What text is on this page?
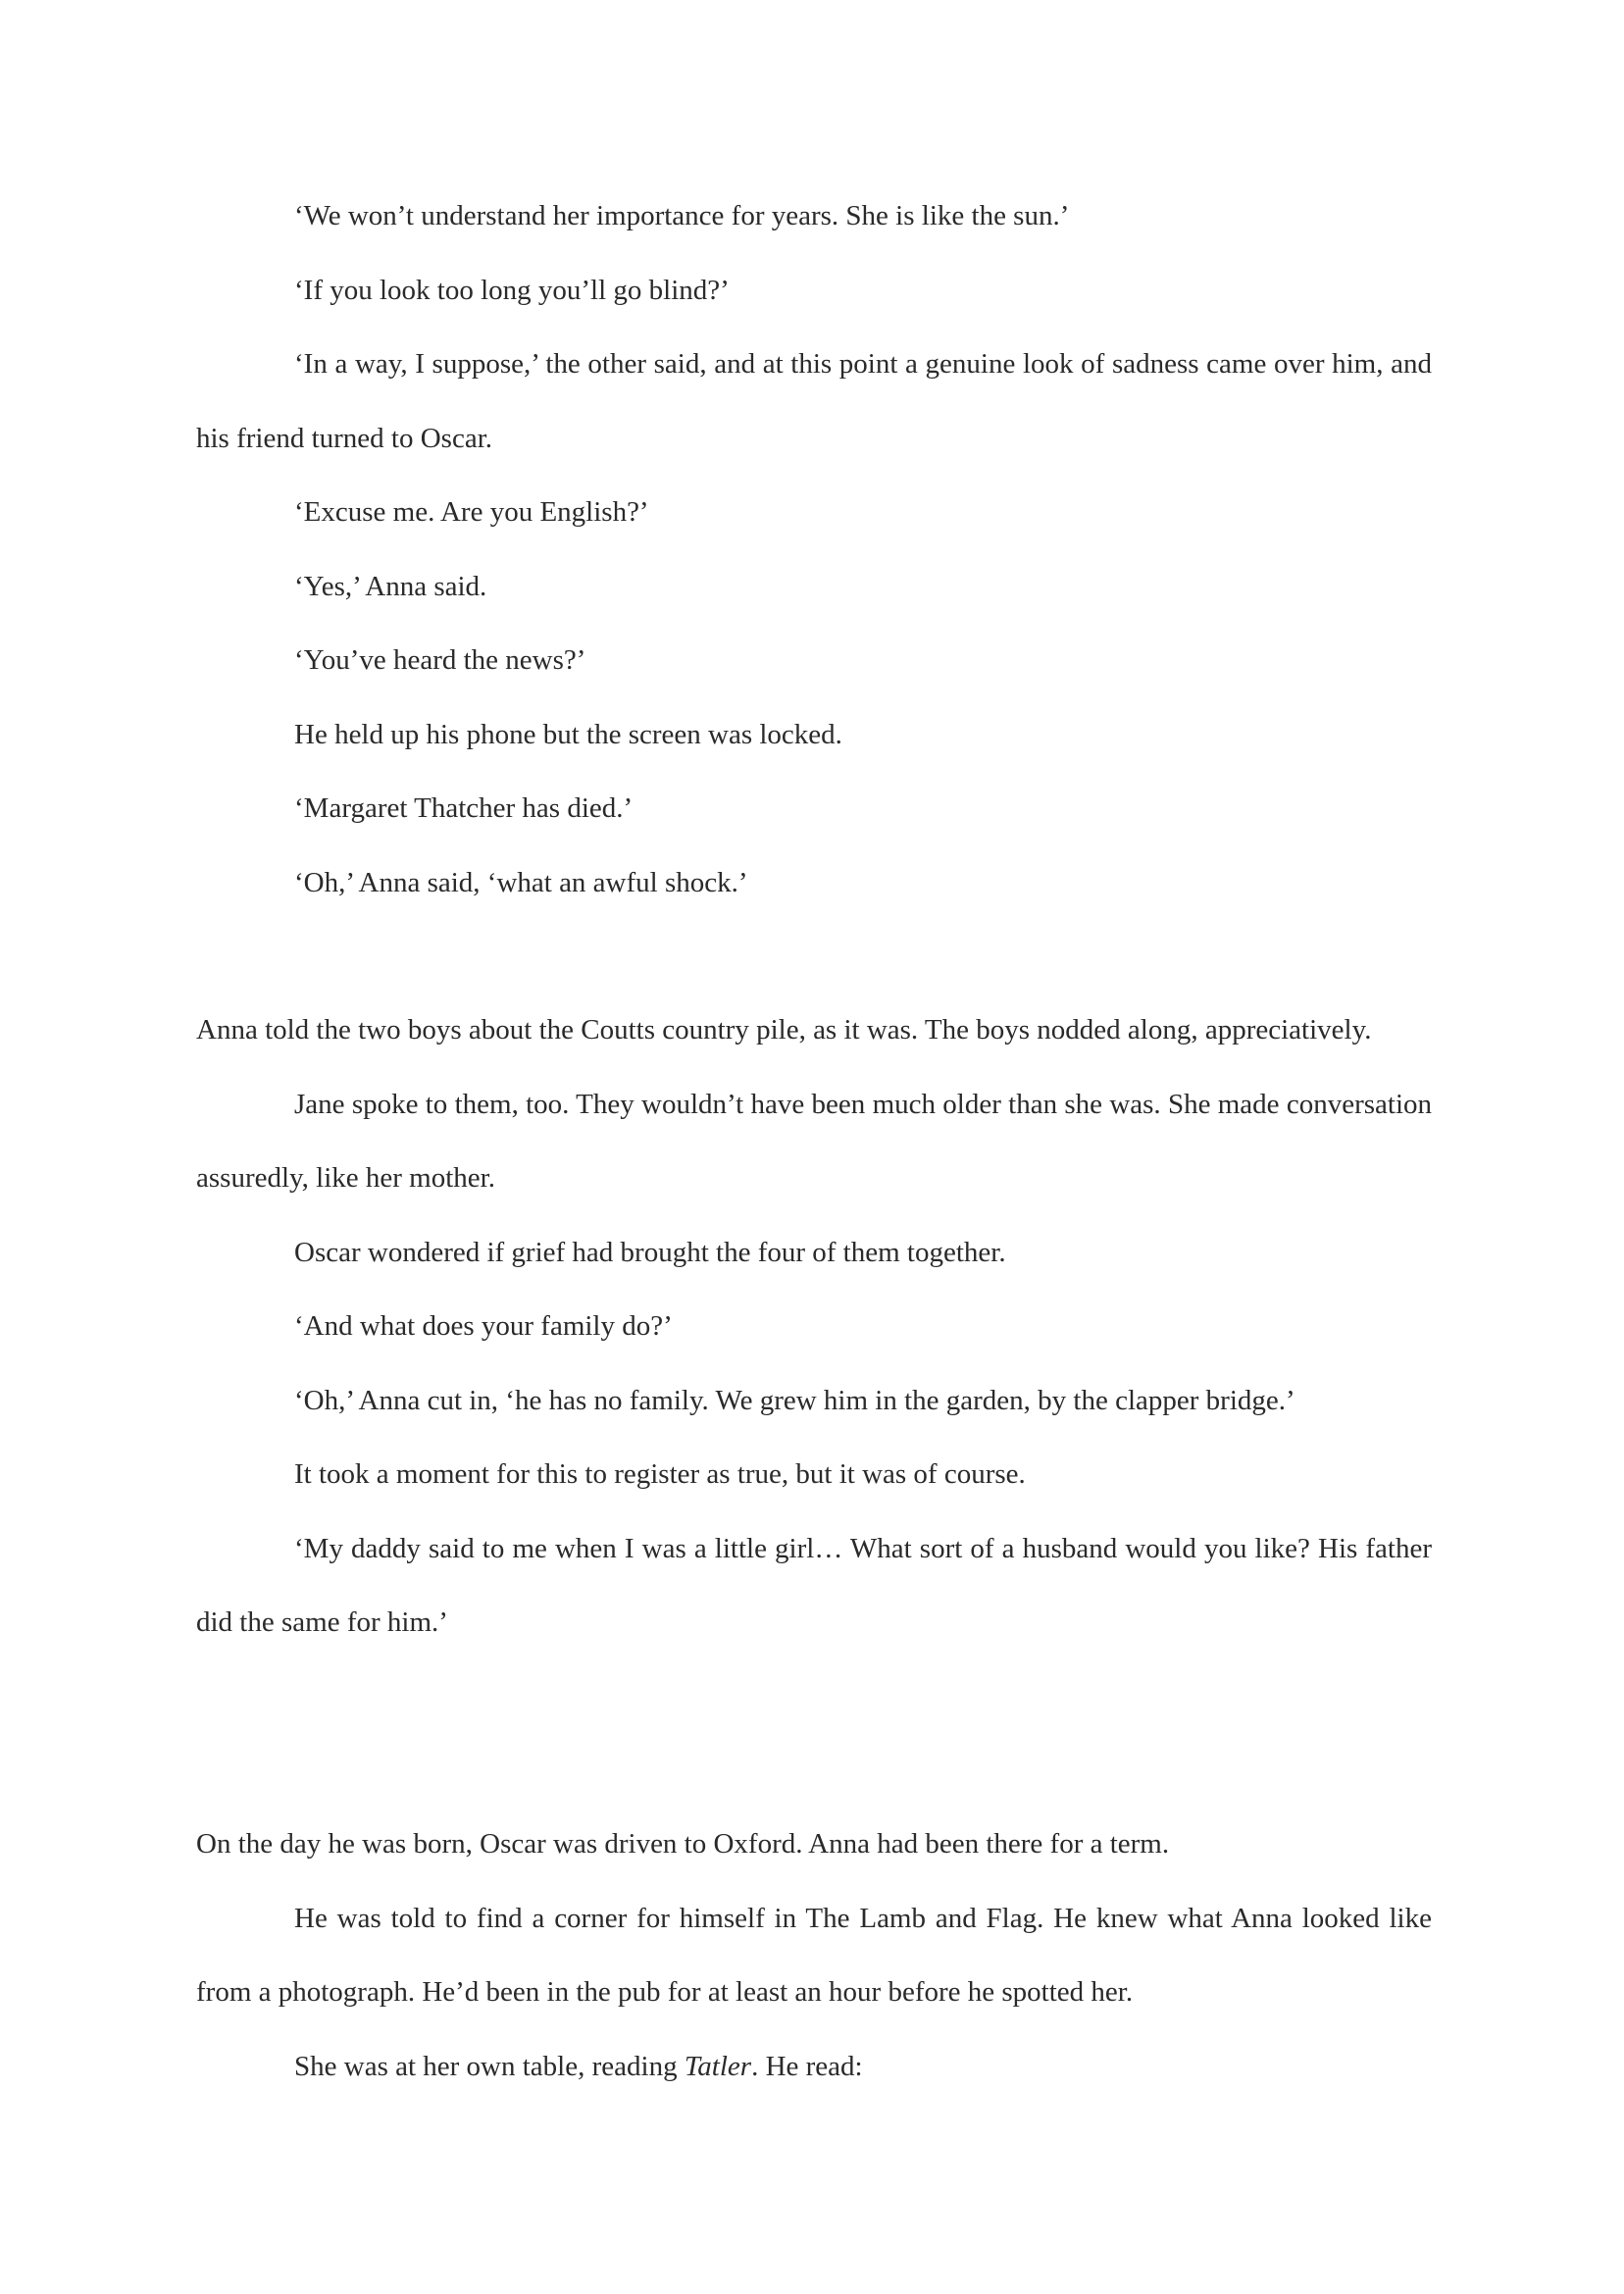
‘We won’t understand her importance for years. She is like the sun.’

‘If you look too long you’ll go blind?’

‘In a way, I suppose,’ the other said, and at this point a genuine look of sadness came over him, and his friend turned to Oscar.

‘Excuse me. Are you English?’

‘Yes,’ Anna said.

‘You’ve heard the news?’

He held up his phone but the screen was locked.

‘Margaret Thatcher has died.’

‘Oh,’ Anna said, ‘what an awful shock.’

Anna told the two boys about the Coutts country pile, as it was. The boys nodded along, appreciatively.

Jane spoke to them, too. They wouldn’t have been much older than she was. She made conversation assuredly, like her mother.

Oscar wondered if grief had brought the four of them together.

‘And what does your family do?’

‘Oh,’ Anna cut in, ‘he has no family. We grew him in the garden, by the clapper bridge.’

It took a moment for this to register as true, but it was of course.

‘My daddy said to me when I was a little girl… What sort of a husband would you like? His father did the same for him.’

On the day he was born, Oscar was driven to Oxford. Anna had been there for a term.

He was told to find a corner for himself in The Lamb and Flag. He knew what Anna looked like from a photograph. He’d been in the pub for at least an hour before he spotted her.

She was at her own table, reading Tatler. He read:
